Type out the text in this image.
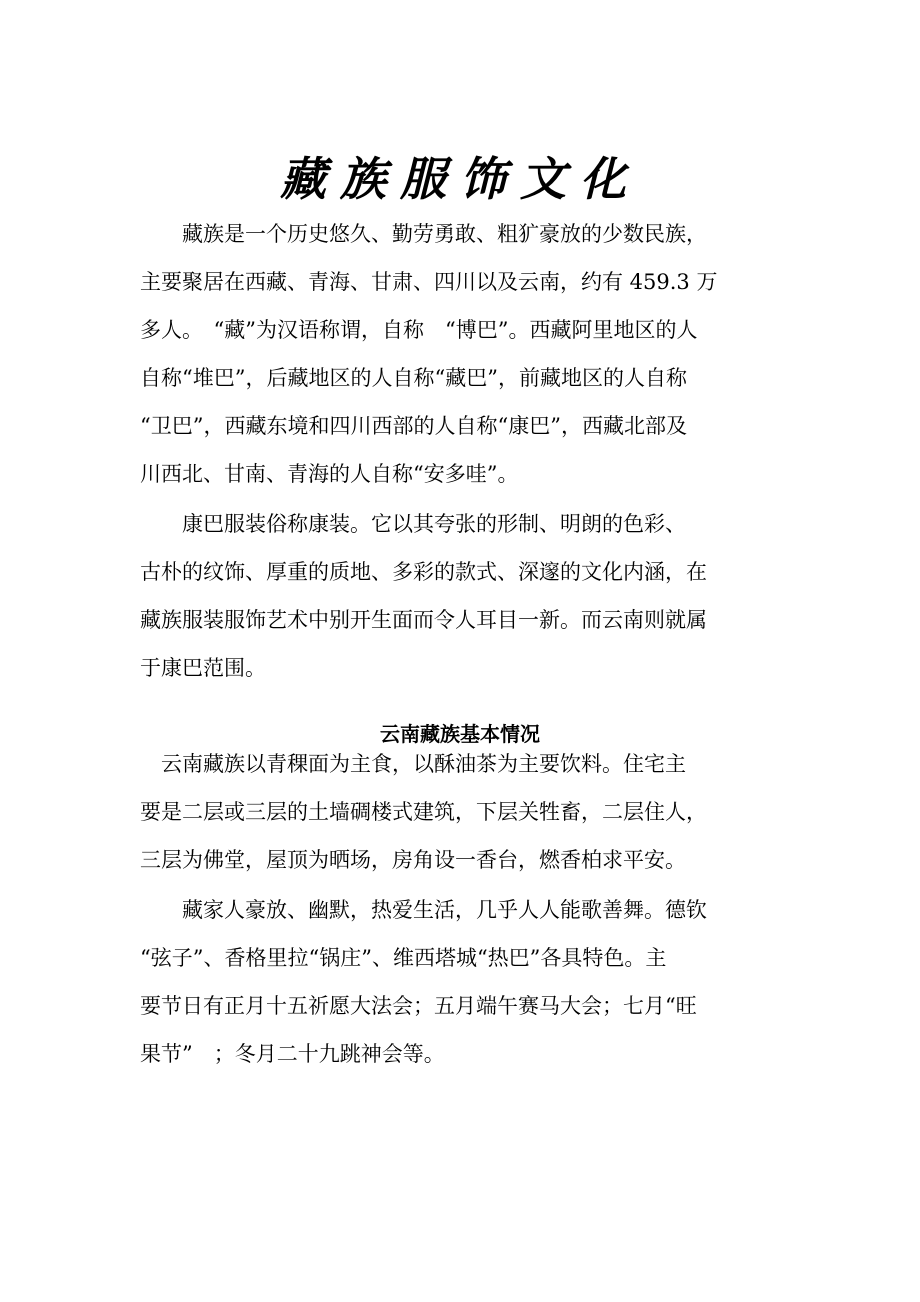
藏族服饰文化
　　藏族是一个历史悠久、勤劳勇敢、粗犷豪放的少数民族，
主要聚居在西藏、青海、甘肃、四川以及云南，约有 459.3 万
多人。　“藏”为汉语称谓，自称　“博巴”。西藏阿里地区的人
自称“堆巴”，后藏地区的人自称“藏巴”，前藏地区的人自称
“卫巴”，西藏东境和四川西部的人自称“康巴”，西藏北部及
川西北、甘南、青海的人自称“安多哇”。
　　康巴服装俗称康装。它以其夸张的形制、明朗的色彩、
古朴的纹饰、厚重的质地、多彩的款式、深邃的文化内涵，在
藏族服装服饰艺术中别开生面而令人耳目一新。而云南则就属
于康巴范围。
云南藏族基本情况
　云南藏族以青稞面为主食，以酥油茶为主要饮料。住宅主
要是二层或三层的土墙碉楼式建筑，下层关牲畜，二层住人，
三层为佛堂，屋顶为晒场，房角设一香台，燃香柏求平安。
　　藏家人豪放、幽默，热爱生活，几乎人人能歌善舞。德钦
“弦子”、香格里拉“锅庄”、维西塔城“热巴”各具特色。主
要节日有正月十五祈愿大法会；五月端午赛马大会；七月“旺
果节”　；冬月二十九跳神会等。
